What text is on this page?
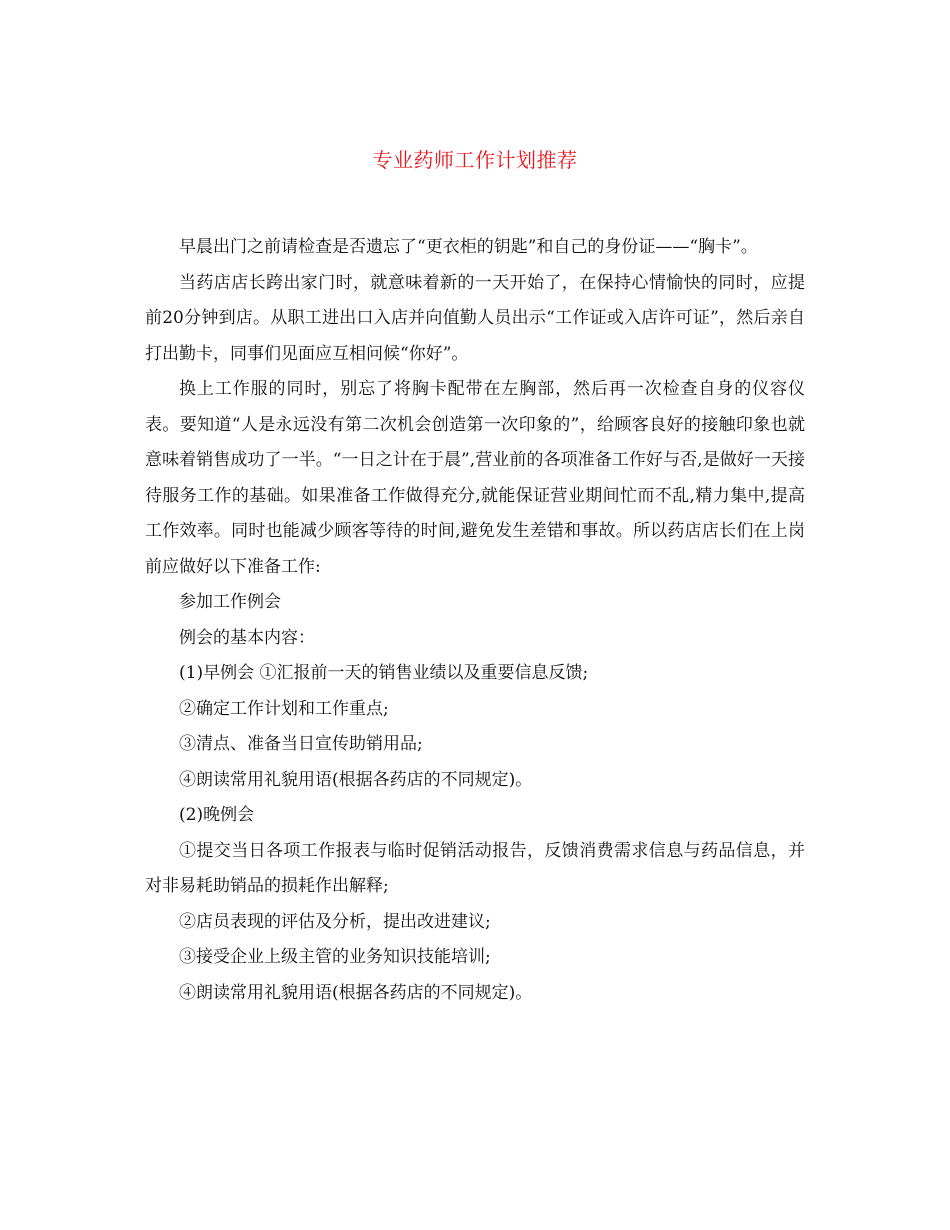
专业药师工作计划推荐

早晨出门之前请检查是否遗忘了“更衣柜的钥匙”和自己的身份证——“胸卡”。

当药店店长跨出家门时，就意味着新的一天开始了，在保持心情愉快的同时，应提前20分钟到店。从职工进出口入店并向值勤人员出示“工作证或入店许可证”，然后亲自打出勤卡，同事们见面应互相问候“你好”。

换上工作服的同时，别忘了将胸卡配带在左胸部，然后再一次检查自身的仪容仪表。要知道“人是永远没有第二次机会创造第一次印象的”，给顾客良好的接触印象也就意味着销售成功了一半。“一日之计在于晨”,营业前的各项准备工作好与否,是做好一天接待服务工作的基础。如果准备工作做得充分,就能保证营业期间忙而不乱,精力集中,提高工作效率。同时也能减少顾客等待的时间,避免发生差错和事故。所以药店店长们在上岗前应做好以下准备工作:

参加工作例会

例会的基本内容：

(1)早例会 ①汇报前一天的销售业绩以及重要信息反馈;

②确定工作计划和工作重点;

③清点、准备当日宣传助销用品;

④朗读常用礼貌用语(根据各药店的不同规定)。

(2)晚例会

①提交当日各项工作报表与临时促销活动报告，反馈消费需求信息与药品信息，并对非易耗助销品的损耗作出解释;

②店员表现的评估及分析，提出改进建议;

③接受企业上级主管的业务知识技能培训;

④朗读常用礼貌用语(根据各药店的不同规定)。
